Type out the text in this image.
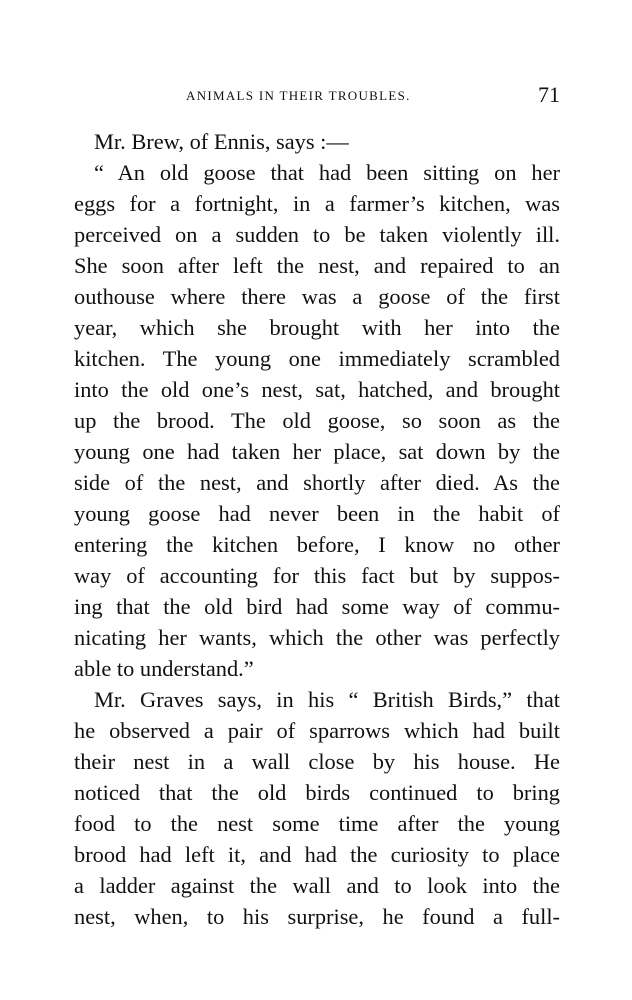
ANIMALS IN THEIR TROUBLES.	71
Mr. Brew, of Ennis, says :—
“ An old goose that had been sitting on her
eggs for a fortnight, in a farmer’s kitchen, was
perceived on a sudden to be taken violently ill.
She soon after left the nest, and repaired to an
outhouse where there was a goose of the first
year, which she brought with her into the
kitchen. The young one immediately scrambled
into the old one’s nest, sat, hatched, and brought
up the brood. The old goose, so soon as the
young one had taken her place, sat down by the
side of the nest, and shortly after died. As the
young goose had never been in the habit of
entering the kitchen before, I know no other
way of accounting for this fact but by suppos-
ing that the old bird had some way of commu-
nicating her wants, which the other was perfectly
able to understand.”
Mr. Graves says, in his “ British Birds,” that
he observed a pair of sparrows which had built
their nest in a wall close by his house. He
noticed that the old birds continued to bring
food to the nest some time after the young
brood had left it, and had the curiosity to place
a ladder against the wall and to look into the
nest, when, to his surprise, he found a full-
